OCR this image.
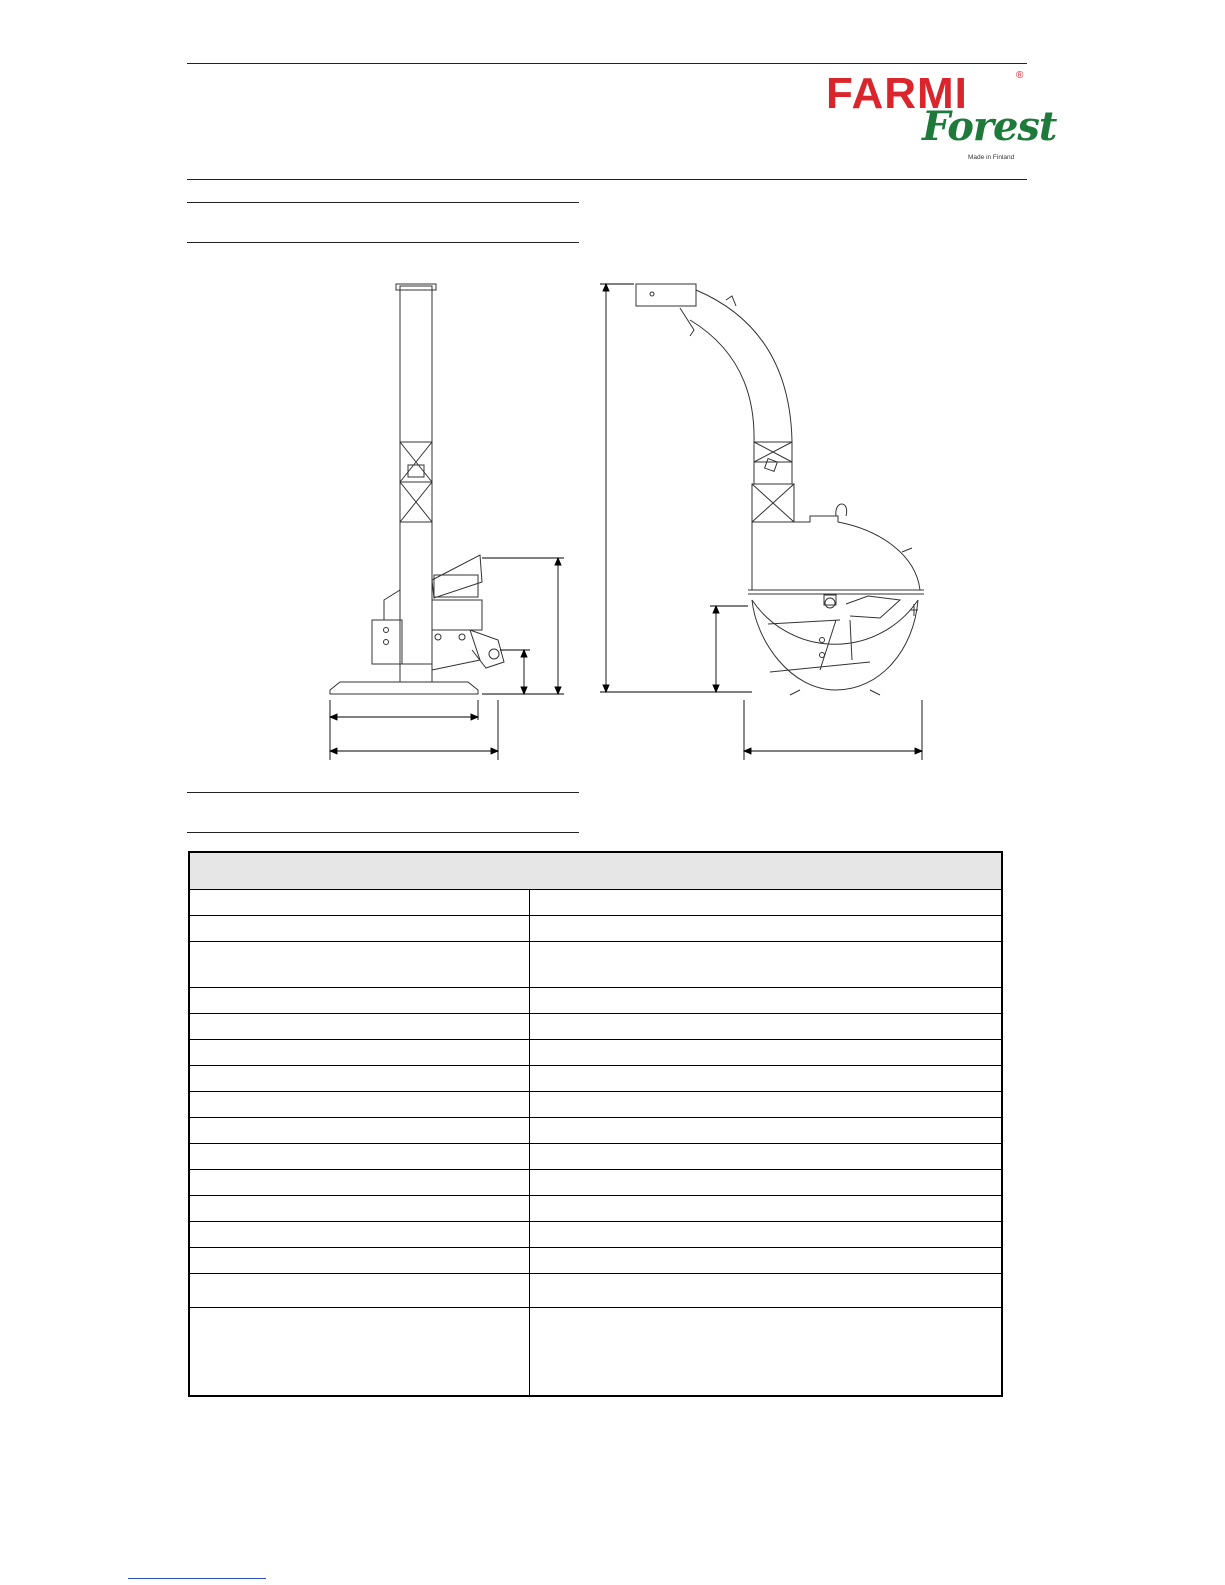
FARMI	®
Forest
Made in Finland
